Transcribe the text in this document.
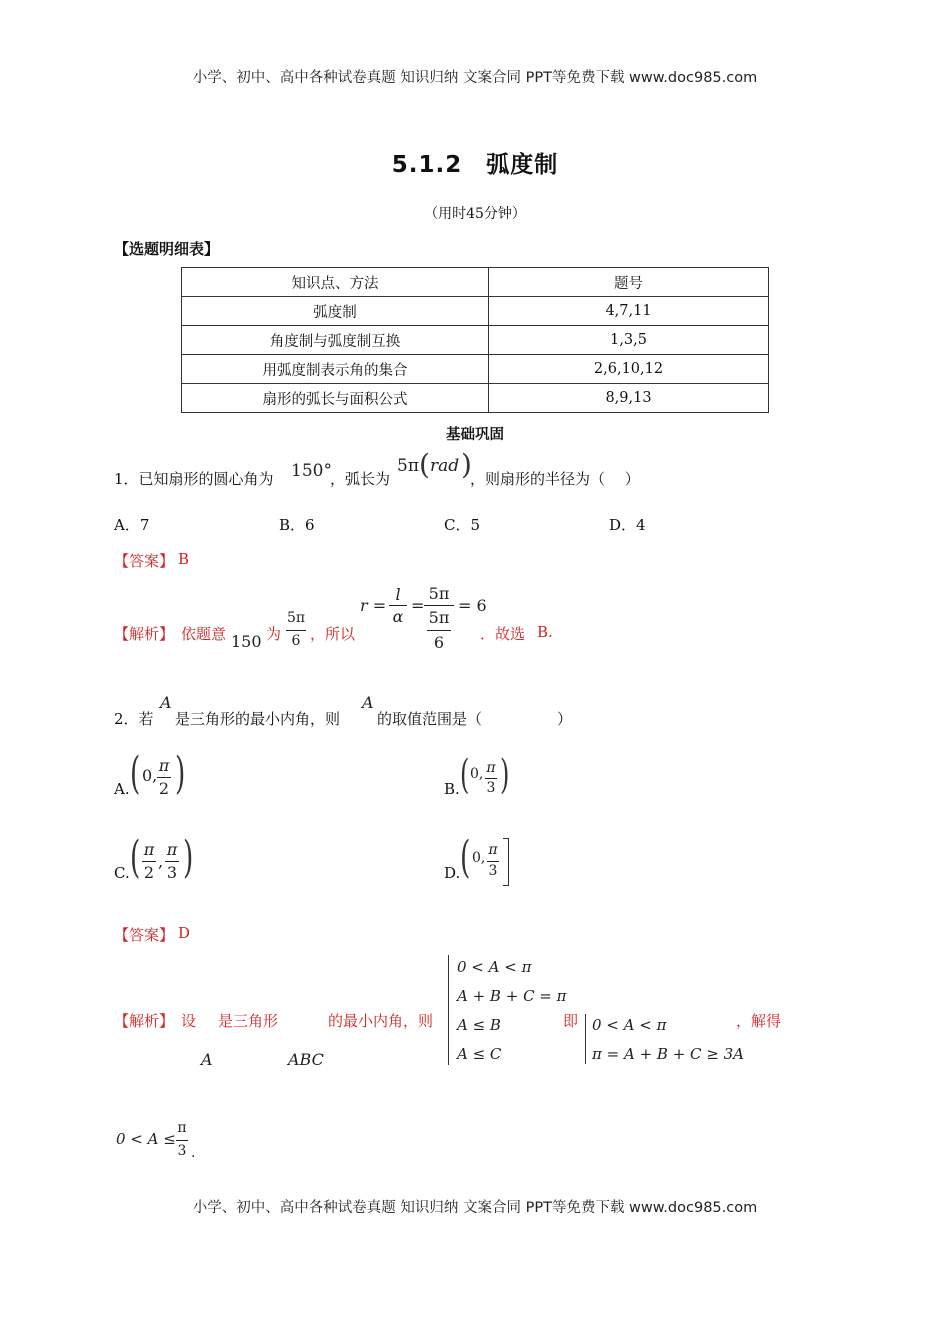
小学、初中、高中各种试卷真题 知识归纳 文案合同 PPT等免费下载 www.doc985.com
小学、初中、高中各种试卷真题 知识归纳 文案合同 PPT等免费下载 www.doc985.com
5.1.2　弧度制
（用时45分钟）
【选题明细表】
知识点、方法	题号
弧度制	4,7,11
角度制与弧度制互换	1,3,5
用弧度制表示角的集合	2,6,10,12
扇形的弧长与面积公式	8,9,13
基础巩固
1．已知扇形的圆心角为 150°
，弧长为
5π ( rad )
，则扇形的半径为（　 ）
A．7	B．6	C．5	D．4
【答案】 B
【解析】 依题意 150 为
5π
6 ，所以
r =
l
α
=
5π
5π
6
= 6
．故选 B.
2．若
A
是三角形的最小内角，则
A
的取值范围是（　　　　　）
A. ( 0,
π
2 )	B. ( 0, π
3 )
C. ( π
2
,
π
3 )	D. ( 0, π
3
【答案】 D
【解析】 设 是三角形	的最小内角，则
A	ABC
0 < A < π
A + B + C = π
A ≤ B
A ≤ C
即 0 < A < π
π = A + B + C ≥ 3A
，解得
0 < A ≤
π
3 .
